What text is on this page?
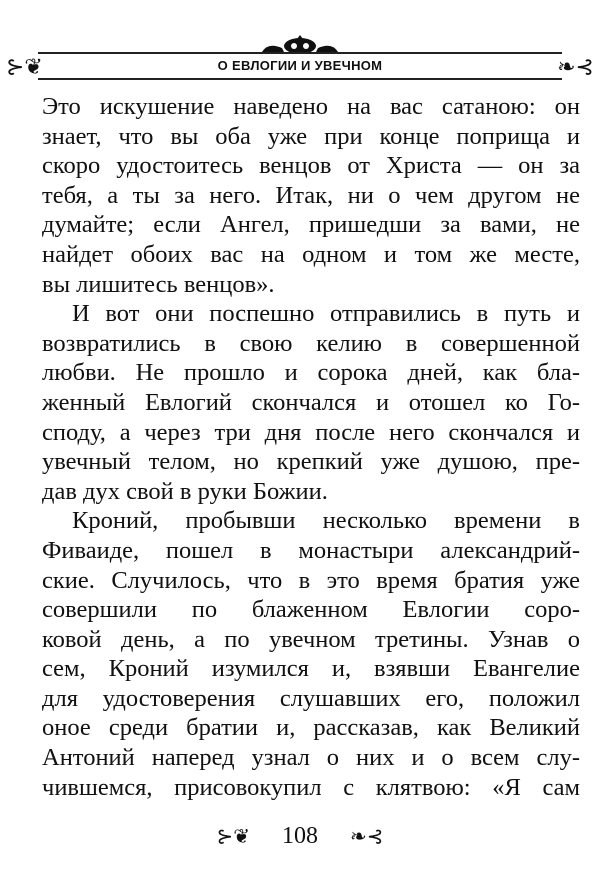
⊱❦	О ЕВЛОГИИ И УВЕЧНОМ	❧⊰
Это искушение наведено на вас сатаною: он
знает, что вы оба уже при конце поприща и
скоро удостоитесь венцов от Христа — он за
тебя, а ты за него. Итак, ни о чем другом не
думайте; если Ангел, пришедши за вами, не
найдет обоих вас на одном и том же месте,
вы лишитесь венцов».
И вот они поспешно отправились в путь и
возвратились в свою келию в совершенной
любви. Не прошло и сорока дней, как бла-
женный Евлогий скончался и отошел ко Го-
споду, а через три дня после него скончался и
увечный телом, но крепкий уже душою, пре-
дав дух свой в руки Божии.
Кроний, пробывши несколько времени в
Фиваиде, пошел в монастыри александрий-
ские. Случилось, что в это время братия уже
совершили по блаженном Евлогии соро-
ковой день, а по увечном третины. Узнав о
сем, Кроний изумился и, взявши Евангелие
для удостоверения слушавших его, положил
оное среди братии и, рассказав, как Великий
Антоний наперед узнал о них и о всем слу-
чившемся, присовокупил с клятвою: «Я сам
⊱❦ 108 ❧⊰
